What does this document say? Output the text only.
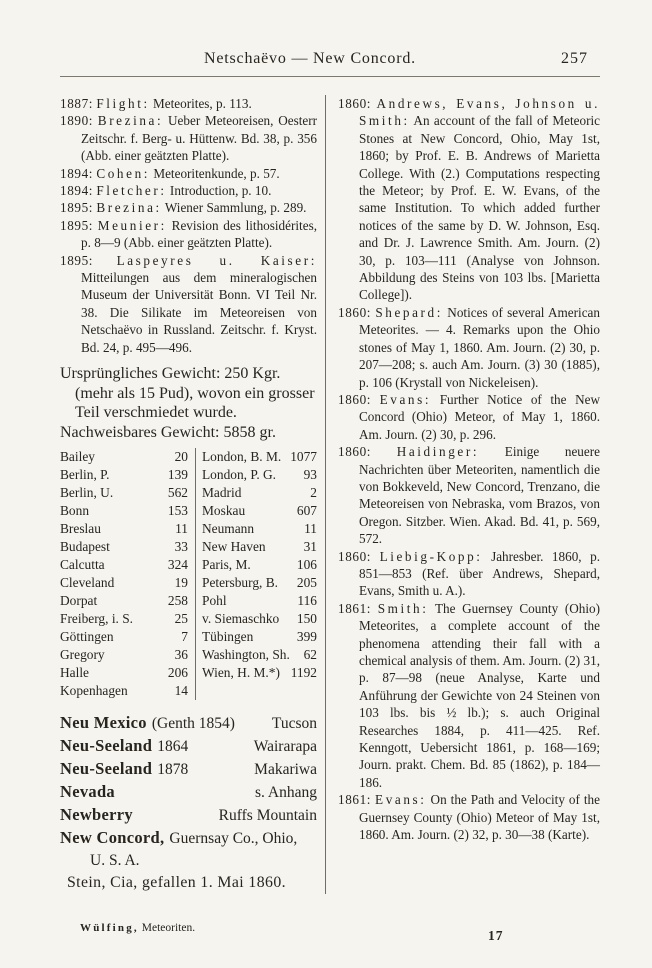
Netschaëvo — New Concord.	257

1887: Flight: Meteorites, p. 113.

1890: Brezina: Ueber Meteoreisen, Oesterr Zeitschr. f. Berg- u. Hüttenw. Bd. 38, p. 356 (Abb. einer geätzten Platte).

1894: Cohen: Meteoritenkunde, p. 57.

1894: Fletcher: Introduction, p. 10.

1895: Brezina: Wiener Sammlung, p. 289.

1895: Meunier: Revision des lithosidérites, p. 8—9 (Abb. einer geätzten Platte).

1895: Laspeyres u. Kaiser: Mitteilungen aus dem mineralogischen Museum der Universität Bonn. VI Teil Nr. 38. Die Silikate im Meteoreisen von Netschaëvo in Russland. Zeitschr. f. Kryst. Bd. 24, p. 495—496.

Ursprüngliches Gewicht: 250 Kgr. (mehr als 15 Pud), wovon ein grosser Teil verschmiedet wurde.

Nachweisbares Gewicht: 5858 gr.

Bailey	20
Berlin, P.	139
Berlin, U.	562
Bonn	153
Breslau	11
Budapest	33
Calcutta	324
Cleveland	19
Dorpat	258
Freiberg, i. S.	25
Göttingen	7
Gregory	36
Halle	206
Kopenhagen	14
London, B. M. 1077
London, P. G. 93
Madrid	2
Moskau	607
Neumann	11
New Haven	31
Paris, M.	106
Petersburg, B. 205
Pohl	116
v. Siemaschko 150
Tübingen	399
Washington, Sh. 62
Wien, H. M.*) 1192
Neu Mexico (Genth 1854) Tucson
Neu-Seeland 1864	Wairarapa
Neu-Seeland 1878	Makariwa
Nevada	s. Anhang
Newberry	Ruffs Mountain
New Concord, Guernsay Co., Ohio,
U. S. A.

Stein, Cia, gefallen 1. Mai 1860.

1860: Andrews, Evans, Johnson u. Smith: An account of the fall of Meteoric Stones at New Concord, Ohio, May 1st, 1860; by Prof. E. B. Andrews of Marietta College. With (2.) Computations respecting the Meteor; by Prof. E. W. Evans, of the same Institution. To which added further notices of the same by D. W. Johnson, Esq. and Dr. J. Lawrence Smith. Am. Journ. (2) 30, p. 103—111 (Analyse von Johnson. Abbildung des Steins von 103 lbs. [Marietta College]).

1860: Shepard: Notices of several American Meteorites. — 4. Remarks upon the Ohio stones of May 1, 1860. Am. Journ. (2) 30, p. 207—208; s. auch Am. Journ. (3) 30 (1885), p. 106 (Krystall von Nickeleisen).

1860: Evans: Further Notice of the New Concord (Ohio) Meteor, of May 1, 1860. Am. Journ. (2) 30, p. 296.

1860: Haidinger: Einige neuere Nachrichten über Meteoriten, namentlich die von Bokkeveld, New Concord, Trenzano, die Meteoreisen von Nebraska, vom Brazos, von Oregon. Sitzber. Wien. Akad. Bd. 41, p. 569, 572.

1860: Liebig-Kopp: Jahresber. 1860, p. 851—853 (Ref. über Andrews, Shepard, Evans, Smith u. A.).

1861: Smith: The Guernsey County (Ohio) Meteorites, a complete account of the phenomena attending their fall with a chemical analysis of them. Am. Journ. (2) 31, p. 87—98 (neue Analyse, Karte und Anführung der Gewichte von 24 Steinen von 103 lbs. bis ½ lb.); s. auch Original Researches 1884, p. 411—425. Ref. Kenngott, Uebersicht 1861, p. 168—169; Journ. prakt. Chem. Bd. 85 (1862), p. 184—186.

1861: Evans: On the Path and Velocity of the Guernsey County (Ohio) Meteor of May 1st, 1860. Am. Journ. (2) 32, p. 30—38 (Karte).

Wülfing, Meteoriten.	17
